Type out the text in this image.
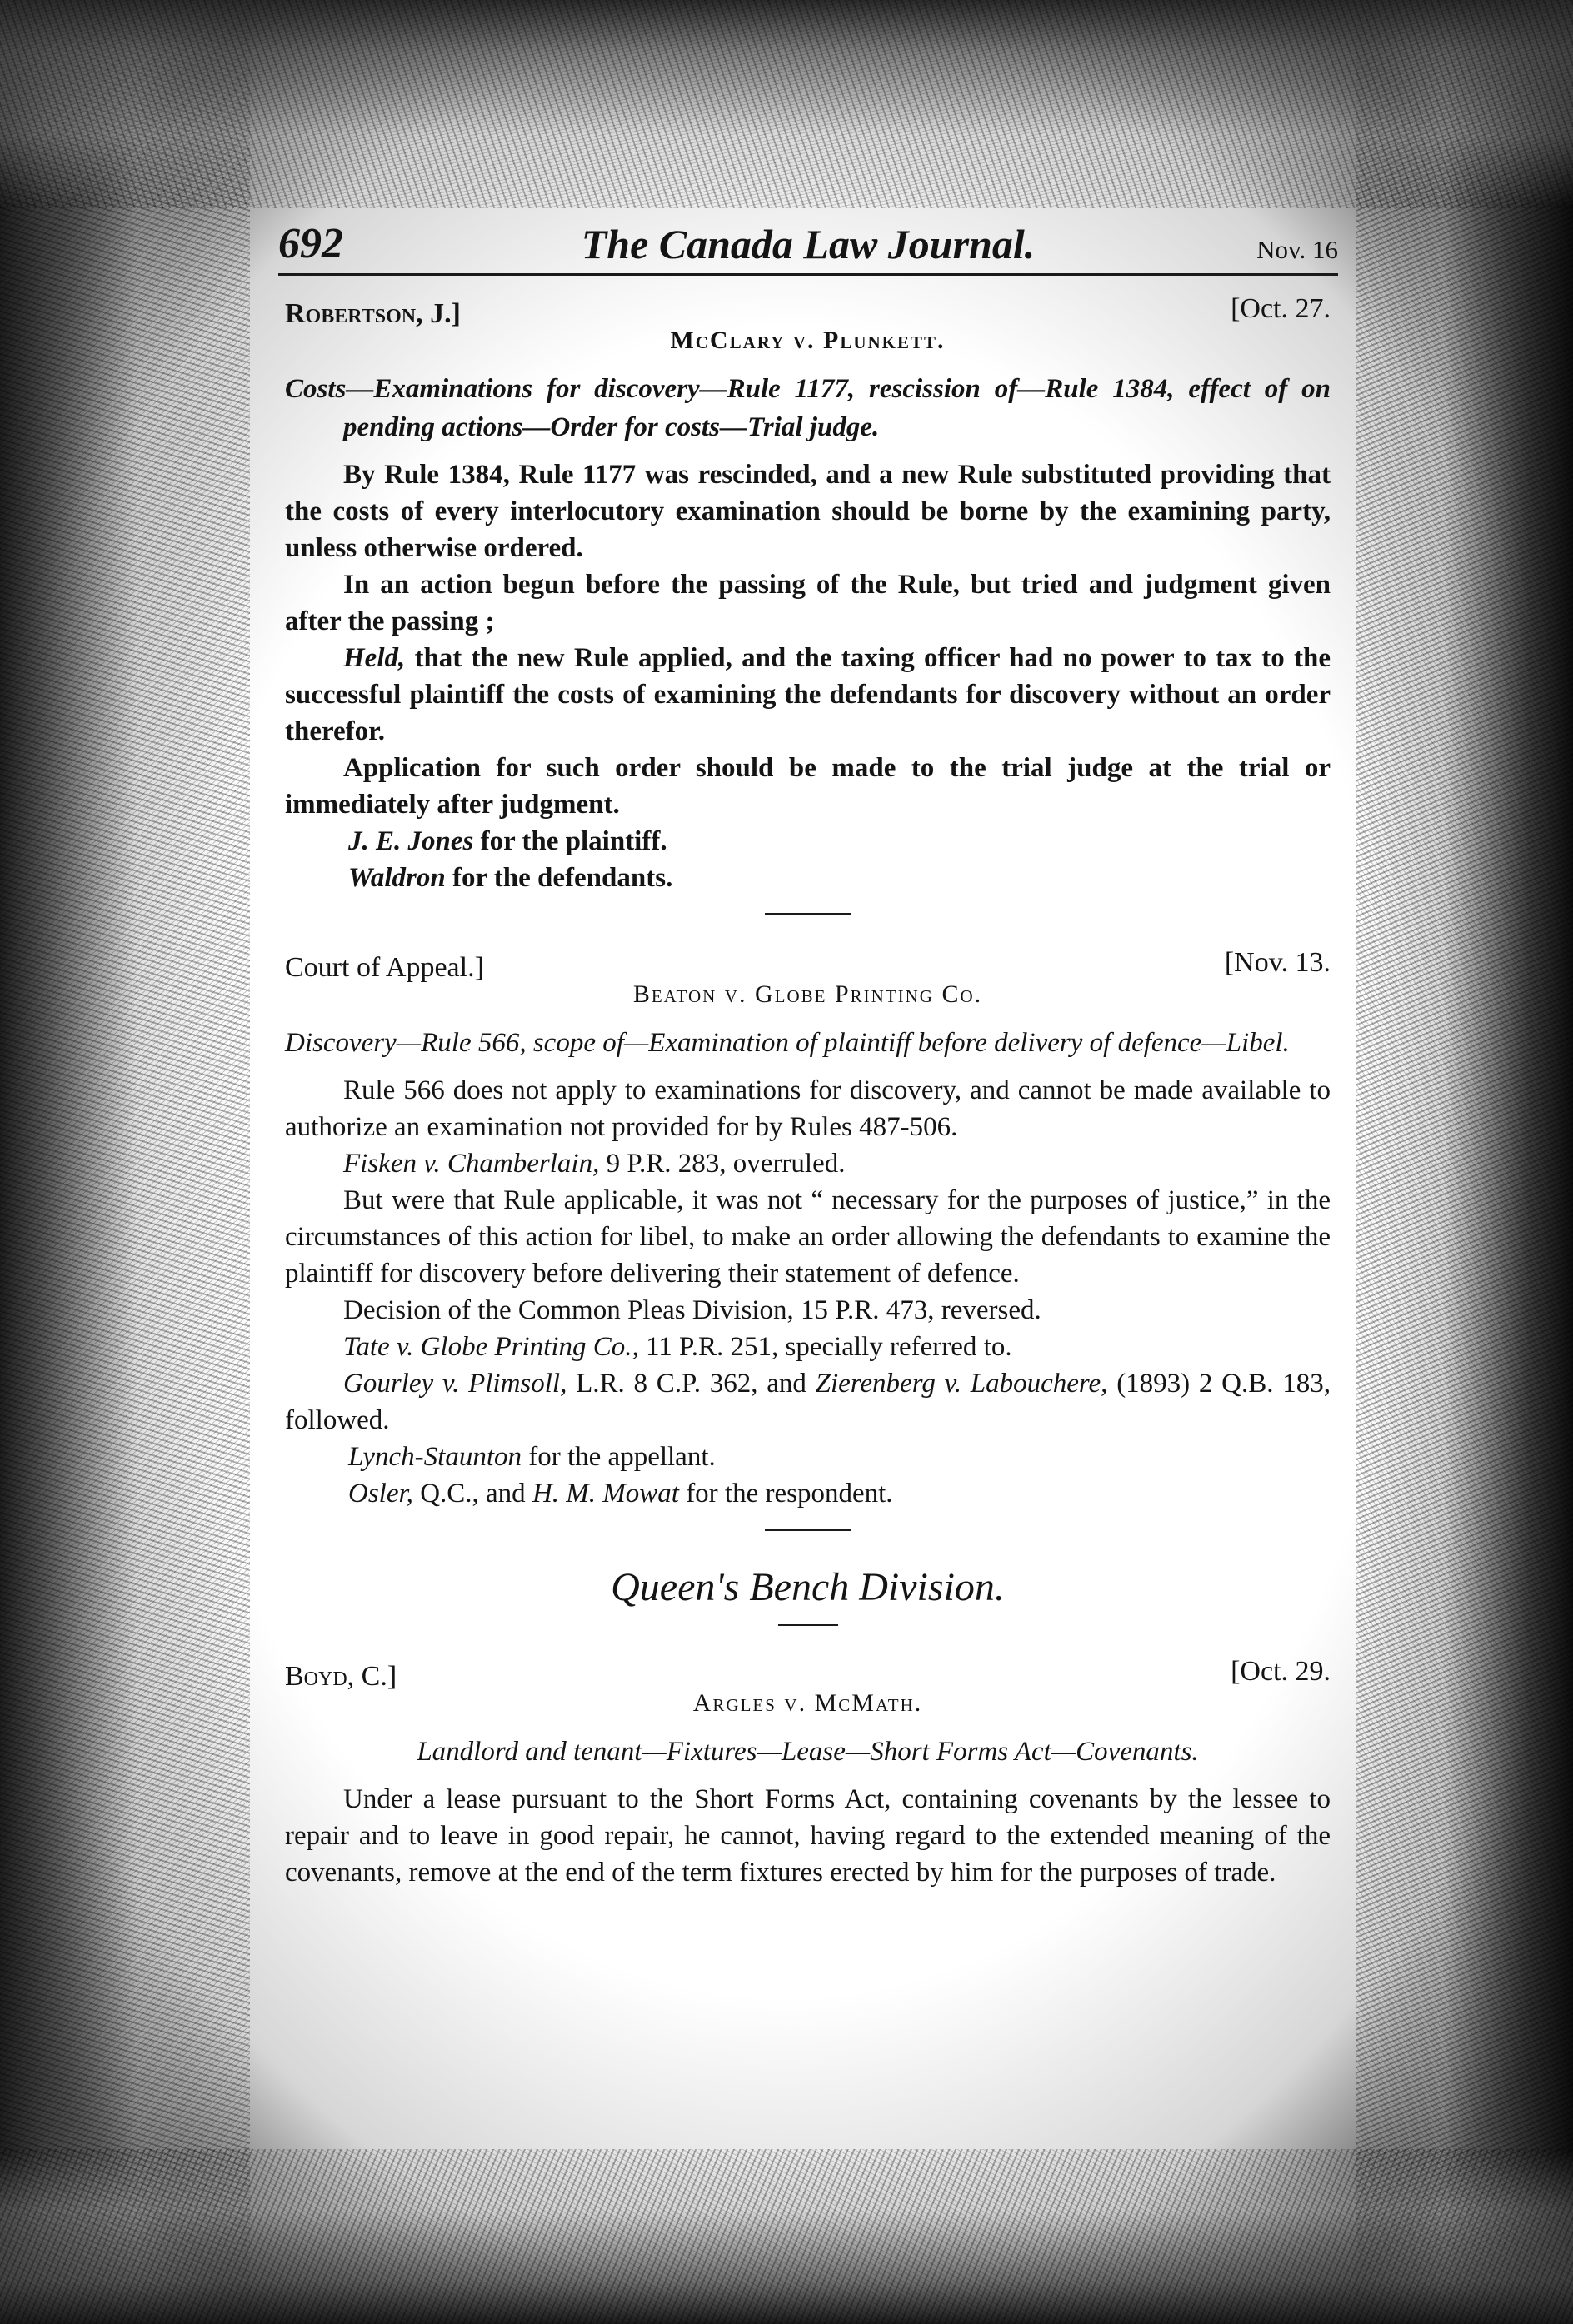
692	The Canada Law Journal.	Nov. 16
Robertson, J.]	[Oct. 27.
McClary v. Plunkett.

Costs—Examinations for discovery—Rule 1177, rescission of—Rule 1384, effect of on pending actions—Order for costs—Trial judge.

By Rule 1384, Rule 1177 was rescinded, and a new Rule substituted providing that the costs of every interlocutory examination should be borne by the examining party, unless otherwise ordered.

In an action begun before the passing of the Rule, but tried and judgment given after the passing ;

Held, that the new Rule applied, and the taxing officer had no power to tax to the successful plaintiff the costs of examining the defendants for discovery without an order therefor.

Application for such order should be made to the trial judge at the trial or immediately after judgment.

J. E. Jones for the plaintiff.

Waldron for the defendants.

Court of Appeal.]	[Nov. 13.
Beaton v. Globe Printing Co.

Discovery—Rule 566, scope of—Examination of plaintiff before delivery of defence—Libel.

Rule 566 does not apply to examinations for discovery, and cannot be made available to authorize an examination not provided for by Rules 487-506.

Fisken v. Chamberlain, 9 P.R. 283, overruled.

But were that Rule applicable, it was not “ necessary for the purposes of justice,” in the circumstances of this action for libel, to make an order allowing the defendants to examine the plaintiff for discovery before delivering their statement of defence.

Decision of the Common Pleas Division, 15 P.R. 473, reversed.

Tate v. Globe Printing Co., 11 P.R. 251, specially referred to.

Gourley v. Plimsoll, L.R. 8 C.P. 362, and Zierenberg v. Labouchere, (1893) 2 Q.B. 183, followed.

Lynch-Staunton for the appellant.

Osler, Q.C., and H. M. Mowat for the respondent.

Queen's Bench Division.

Boyd, C.]	[Oct. 29.
Argles v. McMath.

Landlord and tenant—Fixtures—Lease—Short Forms Act—Covenants.

Under a lease pursuant to the Short Forms Act, containing covenants by the lessee to repair and to leave in good repair, he cannot, having regard to the extended meaning of the covenants, remove at the end of the term fixtures erected by him for the purposes of trade.
